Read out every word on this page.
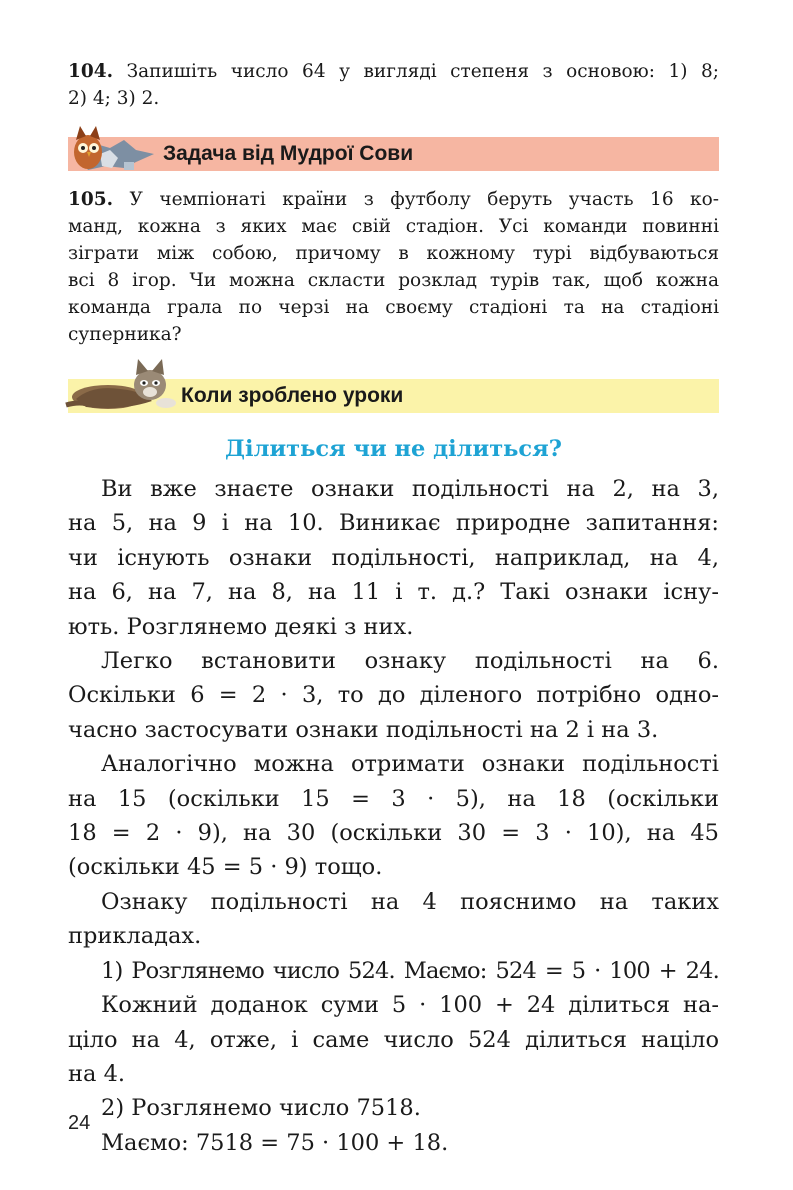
104. Запишіть число 64 у вигляді степеня з основою: 1) 8;
2) 4; 3) 2.
Задача від Мудрої Сови
105. У чемпіонаті країни з футболу беруть участь 16 ко-
манд, кожна з яких має свій стадіон. Усі команди повинні
зіграти між собою, причому в кожному турі відбуваються
всі 8 ігор. Чи можна скласти розклад турів так, щоб кожна
команда грала по черзі на своєму стадіоні та на стадіоні
суперника?
Коли зроблено уроки
Ділиться чи не ділиться?
Ви вже знаєте ознаки подільності на 2, на 3,
на 5, на 9 і на 10. Виникає природне запитання:
чи існують ознаки подільності, наприклад, на 4,
на 6, на 7, на 8, на 11 і т. д.? Такі ознаки існу-
ють. Розглянемо деякі з них.
Легко встановити ознаку подільності на 6.
Оскільки 6 = 2 · 3, то до діленого потрібно одно-
часно застосувати ознаки подільності на 2 і на 3.
Аналогічно можна отримати ознаки подільності
на 15 (оскільки 15 = 3 · 5), на 18 (оскільки
18 = 2 · 9), на 30 (оскільки 30 = 3 · 10), на 45
(оскільки 45 = 5 · 9) тощо.
Ознаку подільності на 4 пояснимо на таких
прикладах.
1) Розглянемо число 524. Маємо: 524 = 5 · 100 + 24.
Кожний доданок суми 5 · 100 + 24 ділиться на-
ціло на 4, отже, і саме число 524 ділиться націло
на 4.
2) Розглянемо число 7518.
Маємо: 7518 = 75 · 100 + 18.
24
